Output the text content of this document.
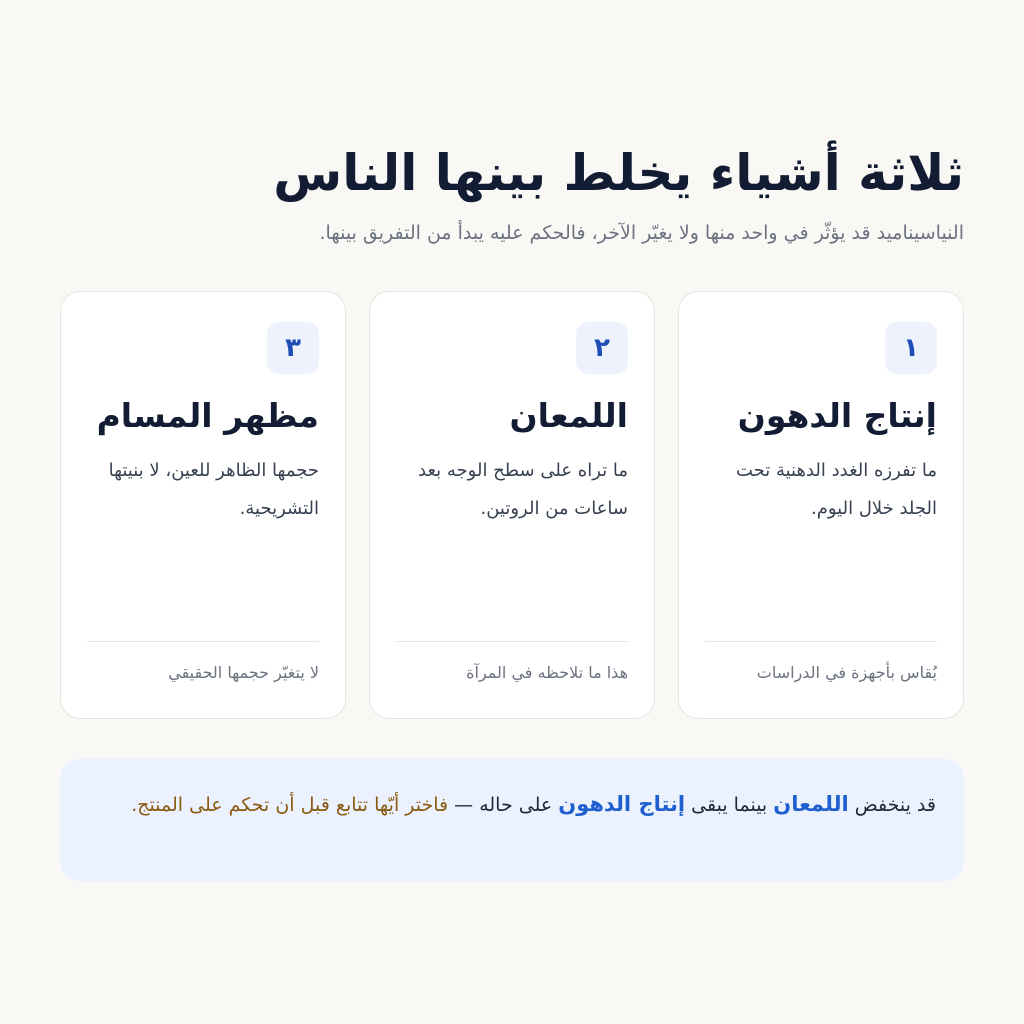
ثلاثة أشياء يخلط بينها الناس

النياسيناميد قد يؤثّر في واحد منها ولا يغيّر الآخر، فالحكم عليه يبدأ من التفريق بينها.

١
إنتاج الدهون

ما تفرزه الغدد الدهنية تحت الجلد خلال اليوم.

يُقاس بأجهزة في الدراسات
٢
اللمعان

ما تراه على سطح الوجه بعد ساعات من الروتين.

هذا ما تلاحظه في المرآة
٣
مظهر المسام

حجمها الظاهر للعين، لا بنيتها التشريحية.

لا يتغيّر حجمها الحقيقي
قد ينخفض اللمعان بينما يبقى إنتاج الدهون على حاله — فاختر أيّها تتابع قبل أن تحكم على المنتج.
